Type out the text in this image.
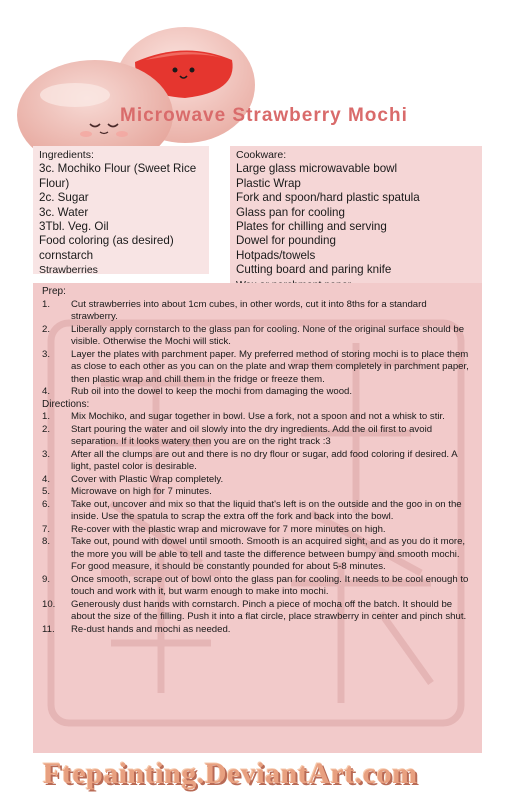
Microwave Strawberry Mochi
Ingredients:
3c. Mochiko Flour (Sweet Rice Flour)
2c. Sugar
3c. Water
3Tbl. Veg. Oil
Food coloring (as desired)
cornstarch
Strawberries
Cookware:
Large glass microwavable bowl
Plastic Wrap
Fork and spoon/hard plastic spatula
Glass pan for cooling
Plates for chilling and serving
Dowel for pounding
Hotpads/towels
Cutting board and paring knife
Prep:
1. Cut strawberries into about 1cm cubes, in other words, cut it into 8ths for a standard strawberry.
2. Liberally apply cornstarch to the glass pan for cooling. None of the original surface should be visible. Otherwise the Mochi will stick.
3. Layer the plates with parchment paper. My preferred method of storing mochi is to place them as close to each other as you can on the plate and wrap them completely in parchment paper, then plastic wrap and chill them in the fridge or freeze them.
4. Rub oil into the dowel to keep the mochi from damaging the wood.
Directions:
1. Mix Mochiko, and sugar together in bowl. Use a fork, not a spoon and not a whisk to stir.
2. Start pouring the water and oil slowly into the dry ingredients. Add the oil first to avoid separation. If it looks watery then you are on the right track :3
3. After all the clumps are out and there is no dry flour or sugar, add food coloring if desired. A light, pastel color is desirable.
4. Cover with Plastic Wrap completely.
5. Microwave on high for 7 minutes.
6. Take out, uncover and mix so that the liquid that's left is on the outside and the goo in on the inside. Use the spatula to scrap the extra off the fork and back into the bowl.
7. Re-cover with the plastic wrap and microwave for 7 more minutes on high.
8. Take out, pound with dowel until smooth. Smooth is an acquired sight, and as you do it more, the more you will be able to tell and taste the difference between bumpy and smooth mochi. For good measure, it should be constantly pounded for about 5-8 minutes.
9. Once smooth, scrape out of bowl onto the glass pan for cooling. It needs to be cool enough to touch and work with it, but warm enough to make into mochi.
10. Generously dust hands with cornstarch. Pinch a piece of mocha off the batch. It should be about the size of the filling. Push it into a flat circle, place strawberry in center and pinch shut.
11. Re-dust hands and mochi as needed.
Ftepainting.DeviantArt.com
